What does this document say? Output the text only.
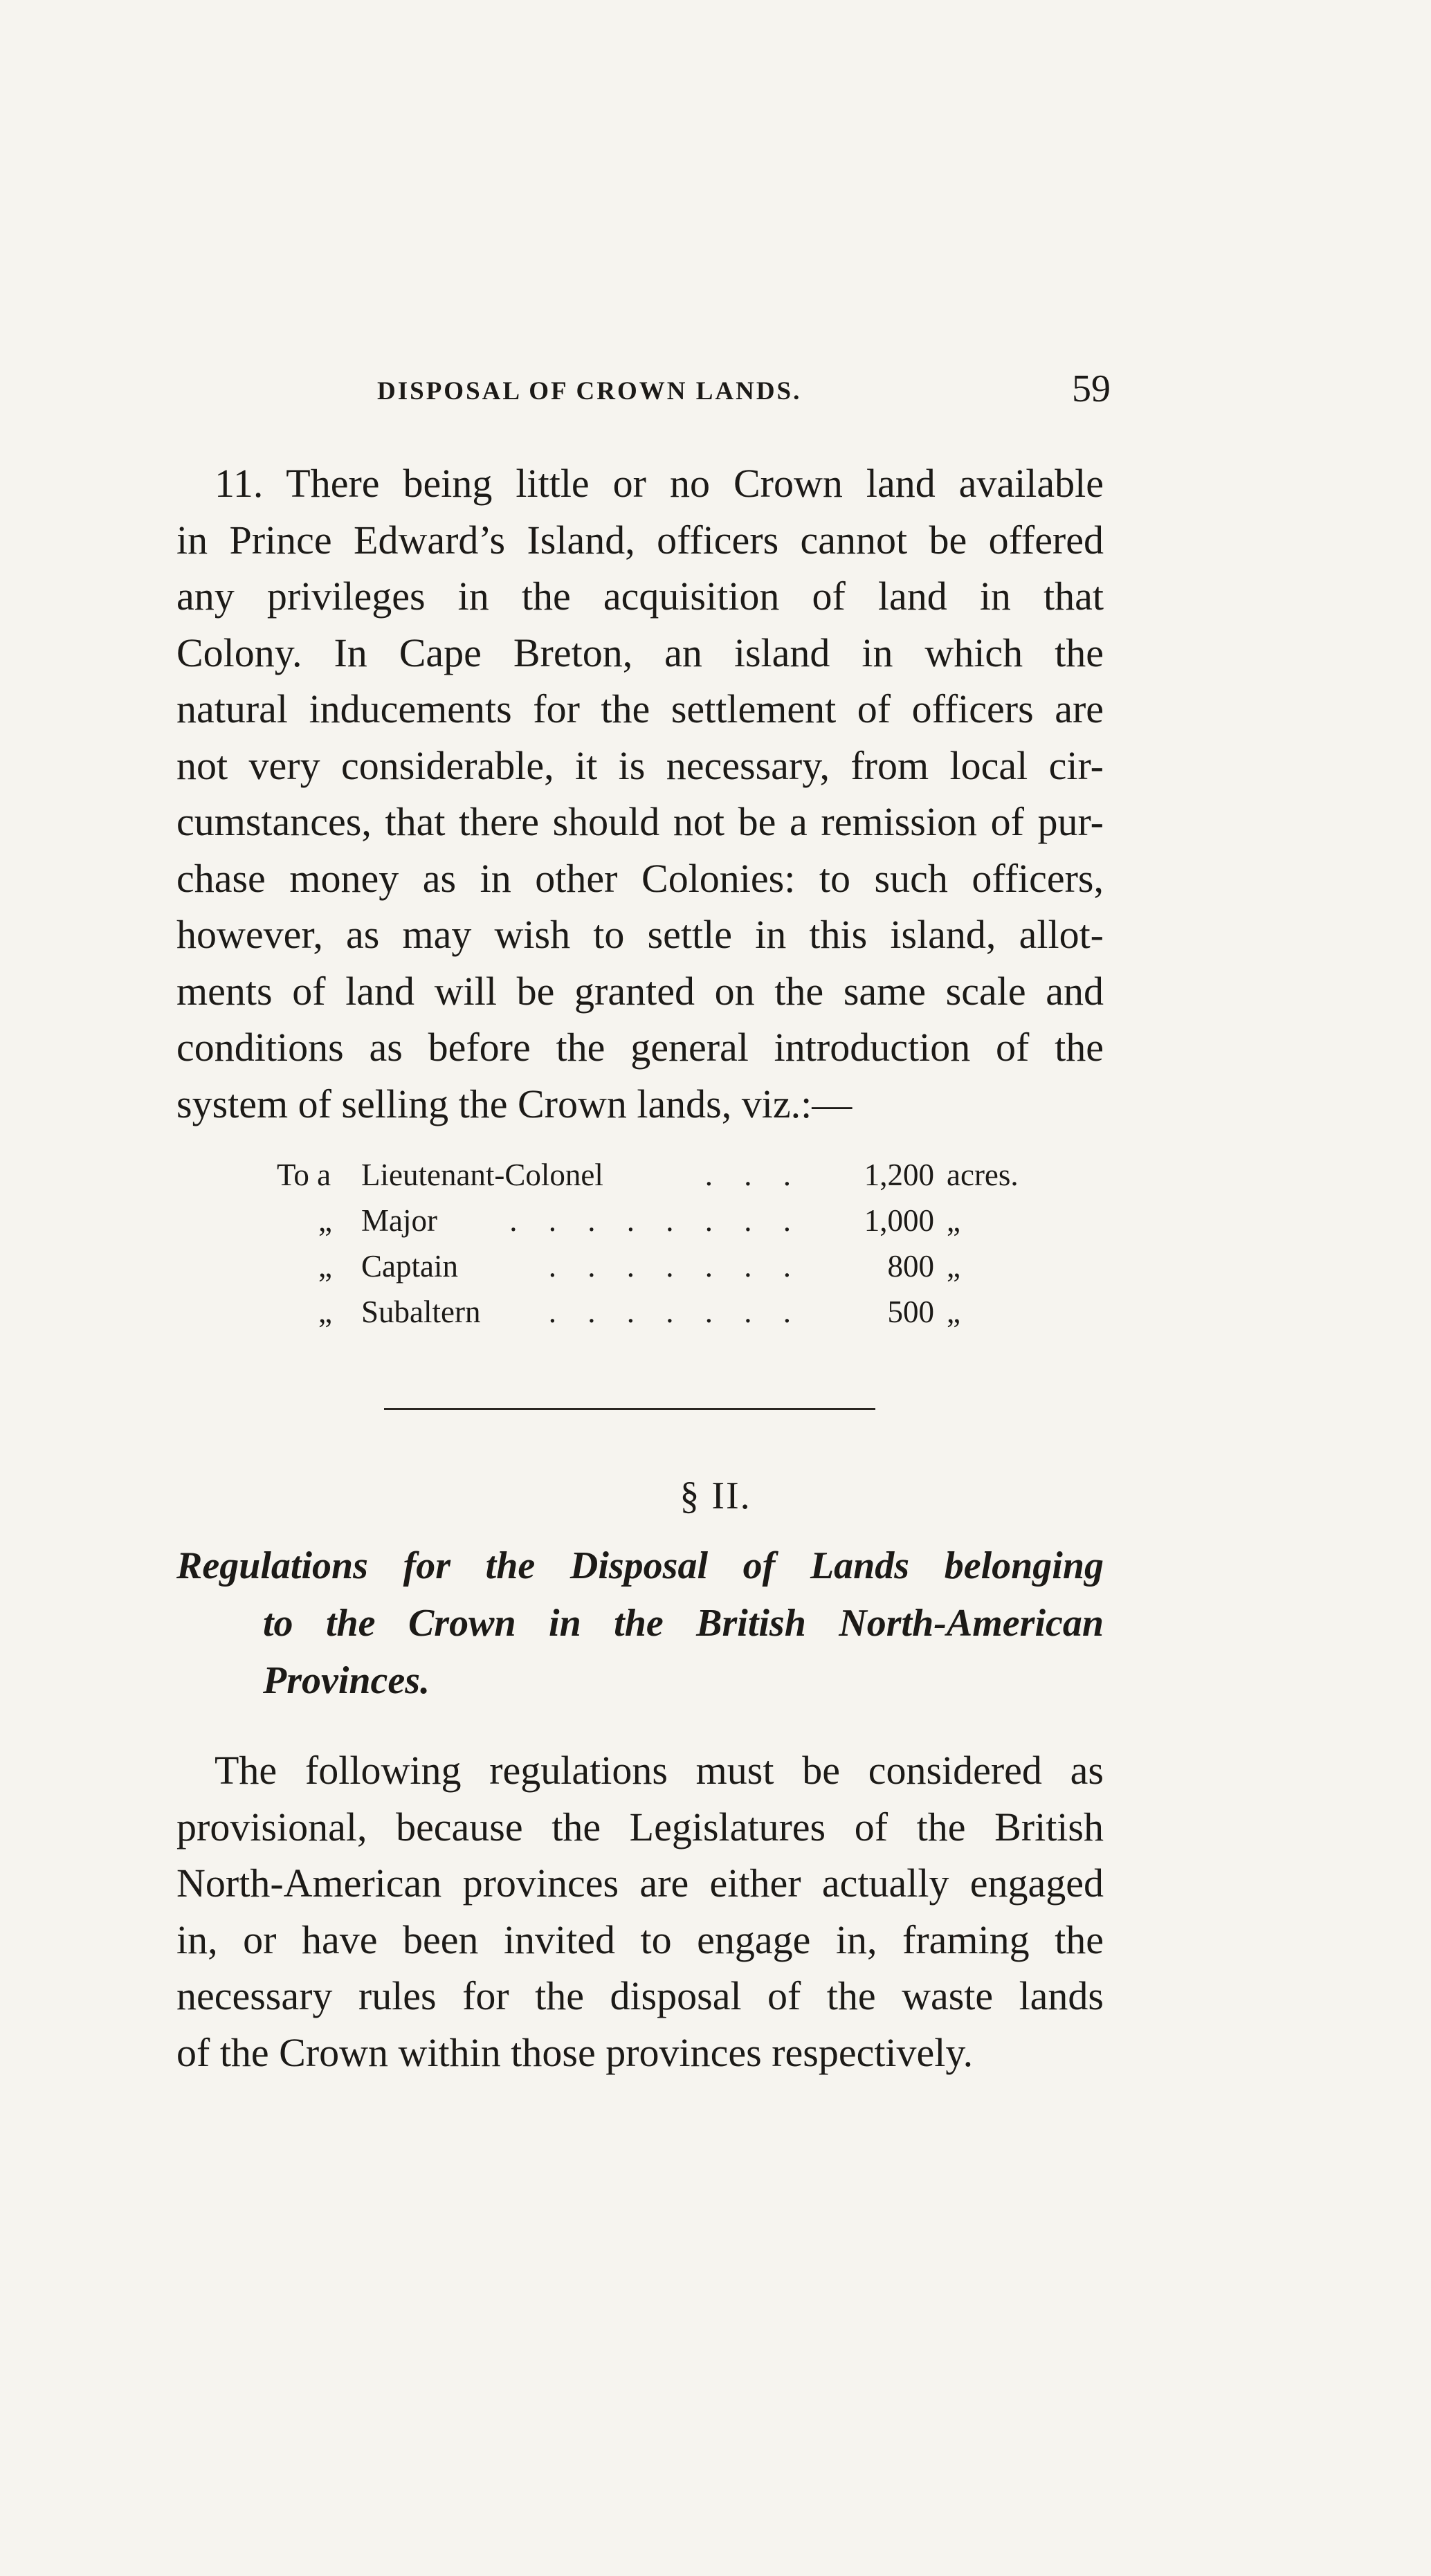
DISPOSAL OF CROWN LANDS.	59
11. There being little or no Crown land available
in Prince Edward’s Island, officers cannot be offered
any privileges in the acquisition of land in that
Colony. In Cape Breton, an island in which the
natural inducements for the settlement of officers are
not very considerable, it is necessary, from local cir-
cumstances, that there should not be a remission of pur-
chase money as in other Colonies: to such officers,
however, as may wish to settle in this island, allot-
ments of land will be granted on the same scale and
conditions as before the general introduction of the
system of selling the Crown lands, viz.:—
To a Lieutenant-Colonel	. . .	1,200 acres.
„ Major	. . . . . . . .	1,000 „
„ Captain	. . . . . . .	800 „
„ Subaltern	. . . . . . .	500 „
§ II.
Regulations for the Disposal of Lands belonging
to the Crown in the British North-American
Provinces.
The following regulations must be considered as
provisional, because the Legislatures of the British
North-American provinces are either actually engaged
in, or have been invited to engage in, framing the
necessary rules for the disposal of the waste lands
of the Crown within those provinces respectively.
